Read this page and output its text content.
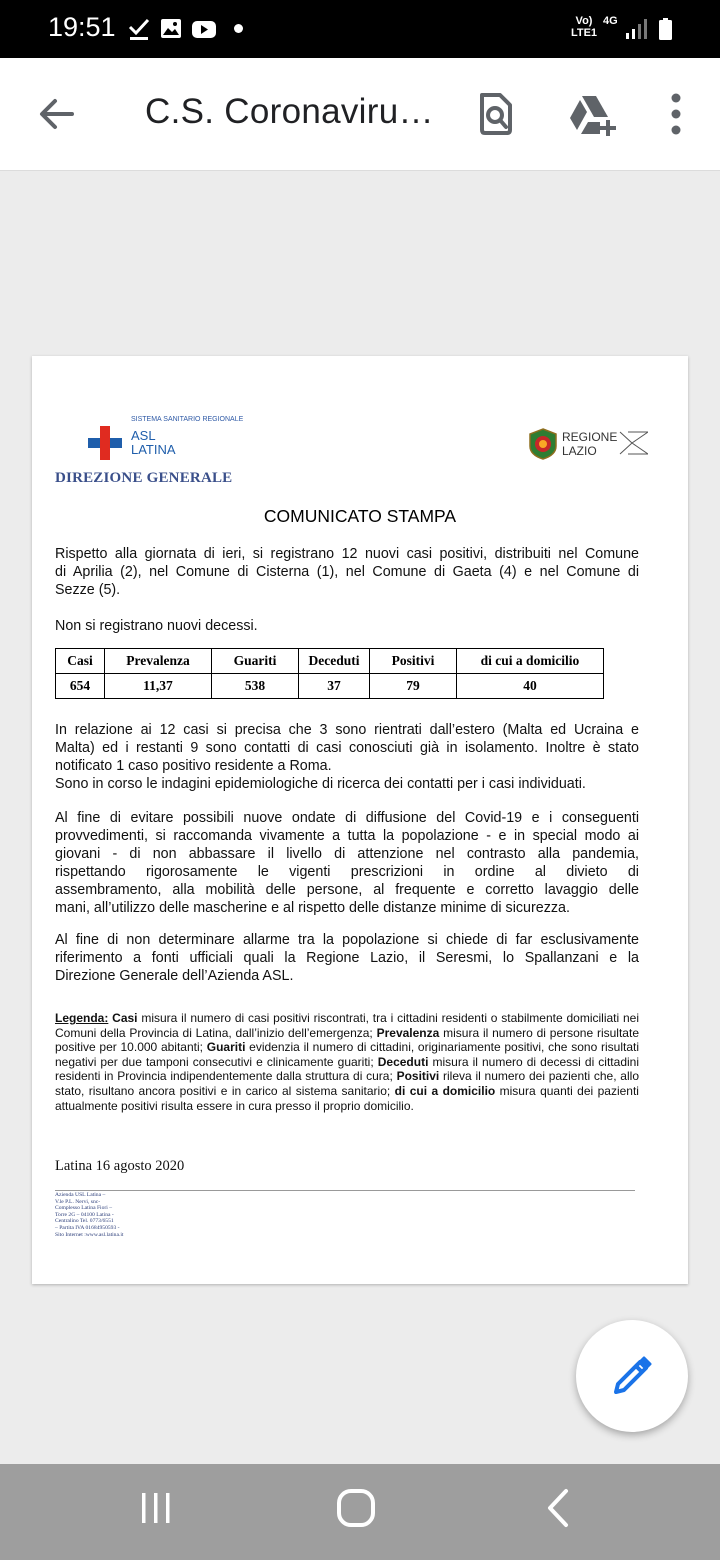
19:51	Vo) LTE1
4G
C.S. Coronaviru…
SISTEMA SANITARIO REGIONALE
ASL
LATINA
REGIONE
LAZIO
DIREZIONE GENERALE
COMUNICATO STAMPA
Rispetto alla giornata di ieri, si registrano 12 nuovi casi positivi, distribuiti nel Comune
di Aprilia (2), nel Comune di Cisterna (1), nel Comune di Gaeta (4) e nel Comune di
Sezze (5).
Non si registrano nuovi decessi.
Casi	Prevalenza	Guariti	Deceduti	Positivi	di cui a domicilio
654	11,37	538	37	79	40
In relazione ai 12 casi si precisa che 3 sono rientrati dall’estero (Malta ed Ucraina e
Malta) ed i restanti 9 sono contatti di casi conosciuti già in isolamento. Inoltre è stato
notificato 1 caso positivo residente a Roma.
Sono in corso le indagini epidemiologiche di ricerca dei contatti per i casi individuati.
Al fine di evitare possibili nuove ondate di diffusione del Covid-19 e i conseguenti
provvedimenti, si raccomanda vivamente a tutta la popolazione - e in special modo ai
giovani - di non abbassare il livello di attenzione nel contrasto alla pandemia,
rispettando rigorosamente le vigenti prescrizioni in ordine al divieto di
assembramento, alla mobilità delle persone, al frequente e corretto lavaggio delle
mani, all’utilizzo delle mascherine e al rispetto delle distanze minime di sicurezza.
Al fine di non determinare allarme tra la popolazione si chiede di far esclusivamente
riferimento a fonti ufficiali quali la Regione Lazio, il Seresmi, lo Spallanzani e la
Direzione Generale dell’Azienda ASL.
Legenda: Casi misura il numero di casi positivi riscontrati, tra i cittadini residenti o stabilmente domiciliati nei Comuni della Provincia di Latina, dall’inizio dell’emergenza; Prevalenza misura il numero di persone risultate positive per 10.000 abitanti; Guariti evidenzia il numero di cittadini, originariamente positivi, che sono risultati negativi per due tamponi consecutivi e clinicamente guariti; Deceduti misura il numero di decessi di cittadini residenti in Provincia indipendentemente dalla struttura di cura; Positivi rileva il numero dei pazienti che, allo stato, risultano ancora positivi e in carico al sistema sanitario; di cui a domicilio misura quanti dei pazienti attualmente positivi risulta essere in cura presso il proprio domicilio.
Latina 16 agosto 2020
Azienda USL Latina –
V.le P.L. Nervi, snc-
Complesso Latina Fiori –
Torre 2G – 04100 Latina -
Centralino Tel. 0773/6551
– Partita IVA 01684950593 -
Sito Internet :www.asl.latina.it
